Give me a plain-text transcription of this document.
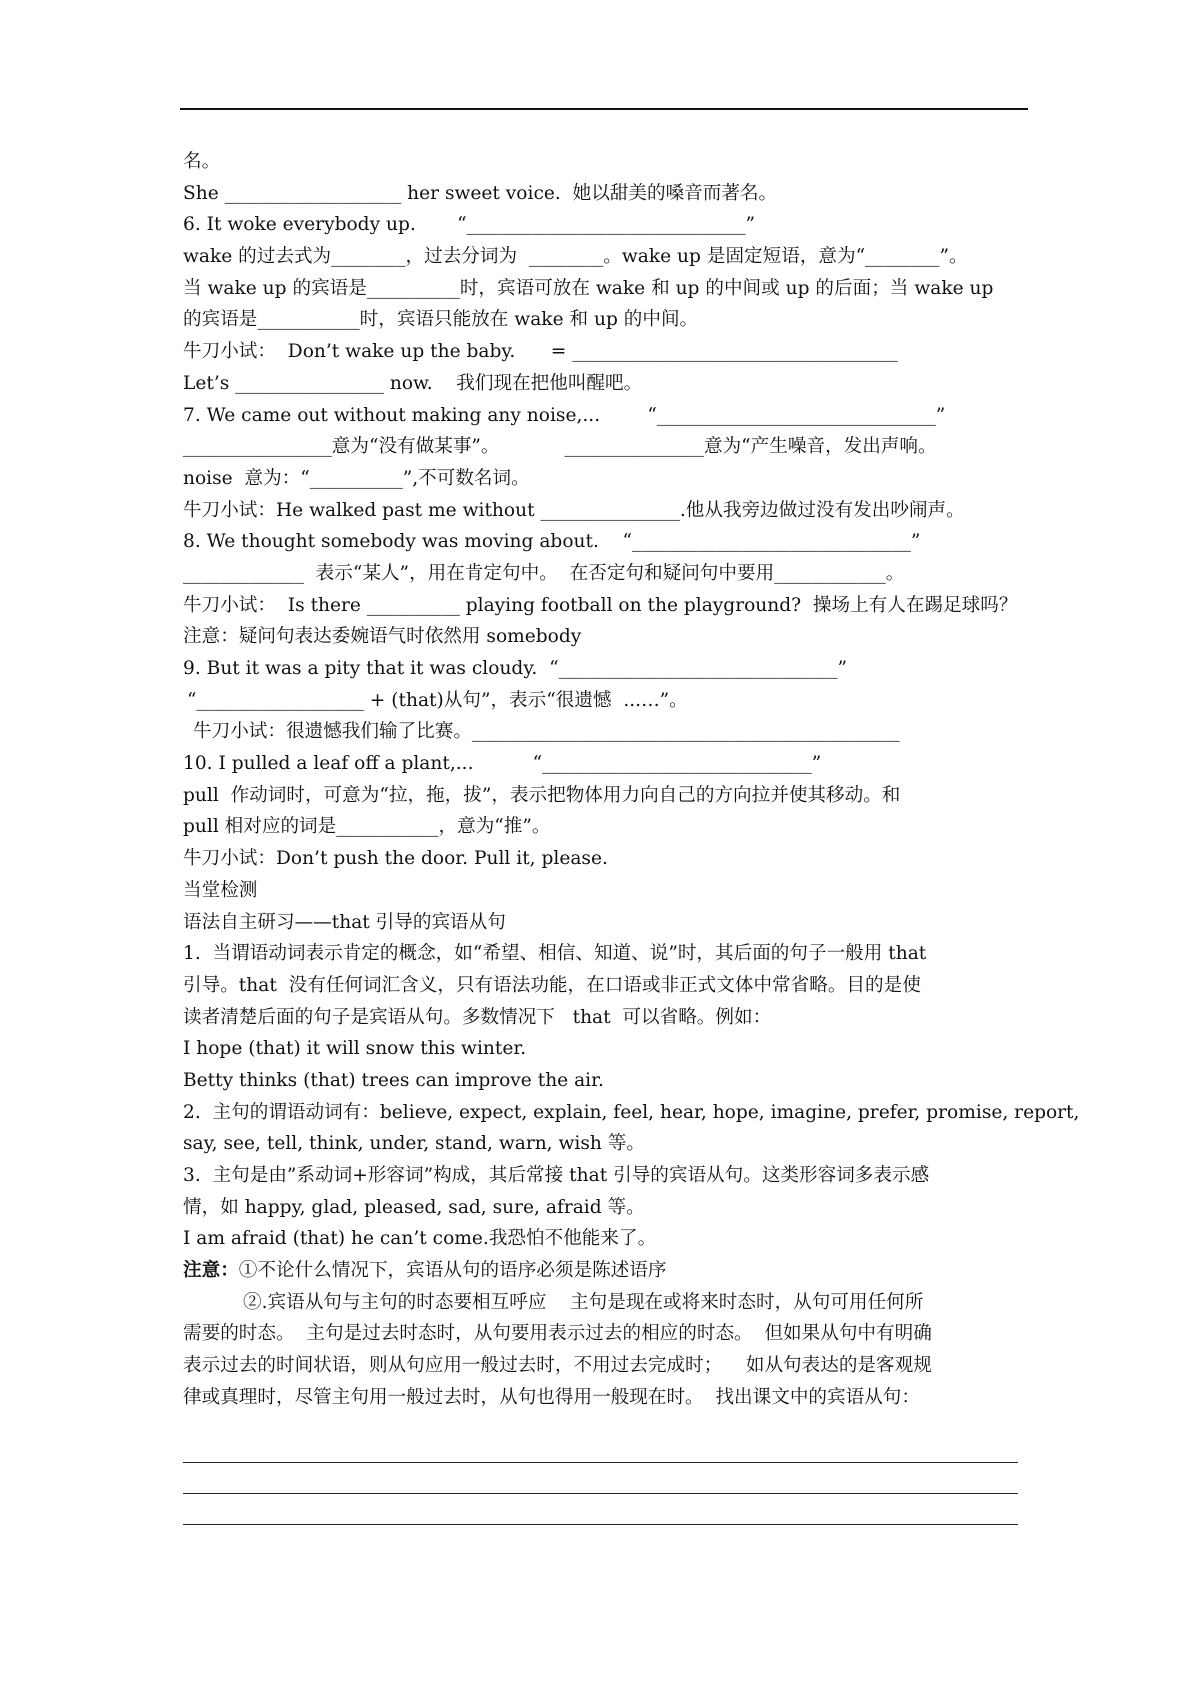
名。
She ___________________ her sweet voice.  她以甜美的嗓音而著名。
6. It woke everybody up.       “______________________________”
wake 的过去式为________，过去分词为  ________。wake up 是固定短语，意为“________”。
当 wake up 的宾语是__________时，宾语可放在 wake 和 up 的中间或 up 的后面；当 wake up
的宾语是___________时，宾语只能放在 wake 和 up 的中间。
牛刀小试：  Don’t wake up the baby.      = ___________________________________
Let’s ________________ now.    我们现在把他叫醒吧。
7. We came out without making any noise,...        “______________________________”
________________意为“没有做某事”。           _______________意为“产生噪音，发出声响。
noise  意为：“__________”,不可数名词。
牛刀小试：He walked past me without _______________.他从我旁边做过没有发出吵闹声。
8. We thought somebody was moving about.    “______________________________”
_____________  表示“某人”，用在肯定句中。  在否定句和疑问句中要用____________。
牛刀小试：  Is there __________ playing football on the playground?  操场上有人在踢足球吗？
注意：疑问句表达委婉语气时依然用 somebody
9. But it was a pity that it was cloudy.  “______________________________”
“__________________ + (that)从句”，表示“很遗憾  ...…”。
牛刀小试：很遗憾我们输了比赛。______________________________________________
10. I pulled a leaf off a plant,...          “_____________________________”
pull  作动词时，可意为“拉，拖，拔”，表示把物体用力向自己的方向拉并使其移动。和
pull 相对应的词是___________，意为“推”。
牛刀小试：Don’t push the door. Pull it, please.
当堂检测
语法自主研习——that 引导的宾语从句
1.  当谓语动词表示肯定的概念，如“希望、相信、知道、说”时，其后面的句子一般用 that
引导。that  没有任何词汇含义，只有语法功能，在口语或非正式文体中常省略。目的是使
读者清楚后面的句子是宾语从句。多数情况下   that  可以省略。例如：
I hope (that) it will snow this winter.
Betty thinks (that) trees can improve the air.
2.  主句的谓语动词有：believe, expect, explain, feel, hear, hope, imagine, prefer, promise, report,
say, see, tell, think, under, stand, warn, wish 等。
3.  主句是由”系动词+形容词”构成，其后常接 that 引导的宾语从句。这类形容词多表示感
情，如 happy, glad, pleased, sad, sure, afraid 等。
I am afraid (that) he can’t come.我恐怕不他能来了。
注意：①不论什么情况下，宾语从句的语序必须是陈述语序
②.宾语从句与主句的时态要相互呼应    主句是现在或将来时态时，从句可用任何所
需要的时态。  主句是过去时态时，从句要用表示过去的相应的时态。  但如果从句中有明确
表示过去的时间状语，则从句应用一般过去时，不用过去完成时；    如从句表达的是客观规
律或真理时，尽管主句用一般过去时，从句也得用一般现在时。  找出课文中的宾语从句：
